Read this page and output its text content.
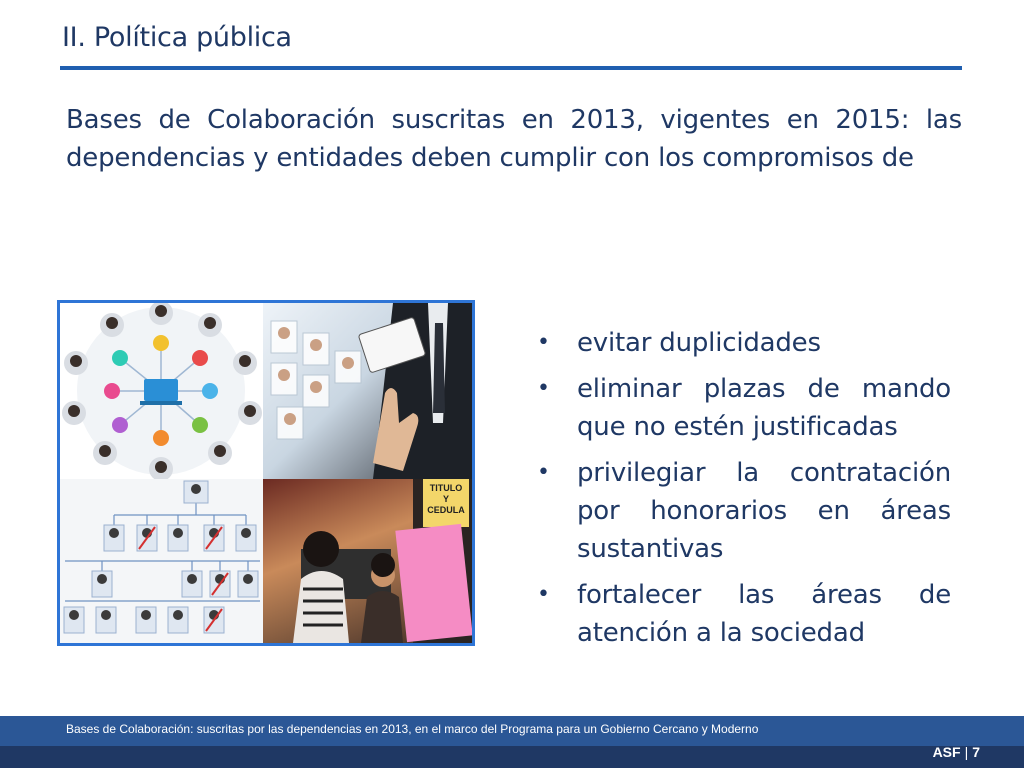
II. Política pública
Bases de Colaboración suscritas en 2013, vigentes en 2015: las dependencias y entidades deben cumplir con los compromisos de
TITULO
Y
CEDULA
• evitar duplicidades
• eliminar plazas de mando que no estén justificadas
• privilegiar la contratación por honorarios en áreas sustantivas
• fortalecer las áreas de atención a la sociedad
Bases de Colaboración: suscritas por las dependencias en 2013, en el marco del Programa para un Gobierno Cercano y Moderno
ASF | 7
